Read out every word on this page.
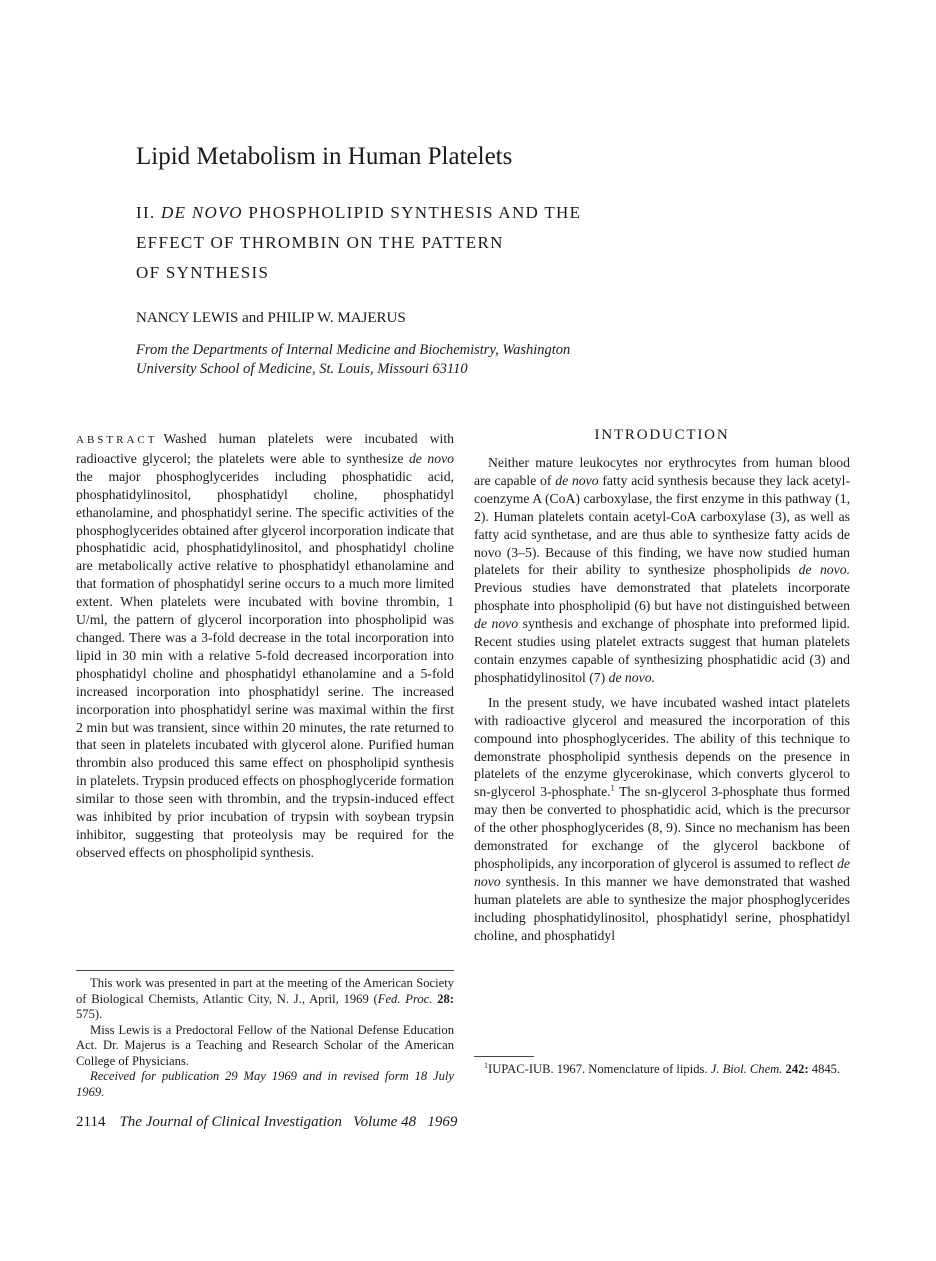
Lipid Metabolism in Human Platelets
II. DE NOVO PHOSPHOLIPID SYNTHESIS AND THE
EFFECT OF THROMBIN ON THE PATTERN
OF SYNTHESIS
NANCY LEWIS and PHILIP W. MAJERUS
From the Departments of Internal Medicine and Biochemistry, Washington
University School of Medicine, St. Louis, Missouri 63110
ABSTRACT Washed human platelets were incubated with radioactive glycerol; the platelets were able to synthesize de novo the major phosphoglycerides including phosphatidic acid, phosphatidylinositol, phosphatidyl choline, phosphatidyl ethanolamine, and phosphatidyl serine. The specific activities of the phosphoglycerides obtained after glycerol incorporation indicate that phosphatidic acid, phosphatidylinositol, and phosphatidyl choline are metabolically active relative to phosphatidyl ethanolamine and that formation of phosphatidyl serine occurs to a much more limited extent. When platelets were incubated with bovine thrombin, 1 U/ml, the pattern of glycerol incorporation into phospholipid was changed. There was a 3-fold decrease in the total incorporation into lipid in 30 min with a relative 5-fold decreased incorporation into phosphatidyl choline and phosphatidyl ethanolamine and a 5-fold increased incorporation into phosphatidyl serine. The increased incorporation into phosphatidyl serine was maximal within the first 2 min but was transient, since within 20 minutes, the rate returned to that seen in platelets incubated with glycerol alone. Purified human thrombin also produced this same effect on phospholipid synthesis in platelets. Trypsin produced effects on phosphoglyceride formation similar to those seen with thrombin, and the trypsin-induced effect was inhibited by prior incubation of trypsin with soybean trypsin inhibitor, suggesting that proteolysis may be required for the observed effects on phospholipid synthesis.

This work was presented in part at the meeting of the American Society of Biological Chemists, Atlantic City, N. J., April, 1969 (Fed. Proc. 28: 575).

Miss Lewis is a Predoctoral Fellow of the National Defense Education Act. Dr. Majerus is a Teaching and Research Scholar of the American College of Physicians.

Received for publication 29 May 1969 and in revised form 18 July 1969.

INTRODUCTION

Neither mature leukocytes nor erythrocytes from human blood are capable of de novo fatty acid synthesis because they lack acetyl-coenzyme A (CoA) carboxylase, the first enzyme in this pathway (1, 2). Human platelets contain acetyl-CoA carboxylase (3), as well as fatty acid synthetase, and are thus able to synthesize fatty acids de novo (3–5). Because of this finding, we have now studied human platelets for their ability to synthesize phospholipids de novo. Previous studies have demonstrated that platelets incorporate phosphate into phospholipid (6) but have not distinguished between de novo synthesis and exchange of phosphate into preformed lipid. Recent studies using platelet extracts suggest that human platelets contain enzymes capable of synthesizing phosphatidic acid (3) and phosphatidylinositol (7) de novo.

In the present study, we have incubated washed intact platelets with radioactive glycerol and measured the incorporation of this compound into phosphoglycerides. The ability of this technique to demonstrate phospholipid synthesis depends on the presence in platelets of the enzyme glycerokinase, which converts glycerol to sn-glycerol 3-phosphate.$^1$ The sn-glycerol 3-phosphate thus formed may then be converted to phosphatidic acid, which is the precursor of the other phosphoglycerides (8, 9). Since no mechanism has been demonstrated for exchange of the glycerol backbone of phospholipids, any incorporation of glycerol is assumed to reflect de novo synthesis. In this manner we have demonstrated that washed human platelets are able to synthesize the major phosphoglycerides including phosphatidylinositol, phosphatidyl serine, phosphatidyl choline, and phosphatidyl

$^1$IUPAC-IUB. 1967. Nomenclature of lipids. J. Biol. Chem. 242: 4845.

2114 The Journal of Clinical Investigation   Volume 48   1969
